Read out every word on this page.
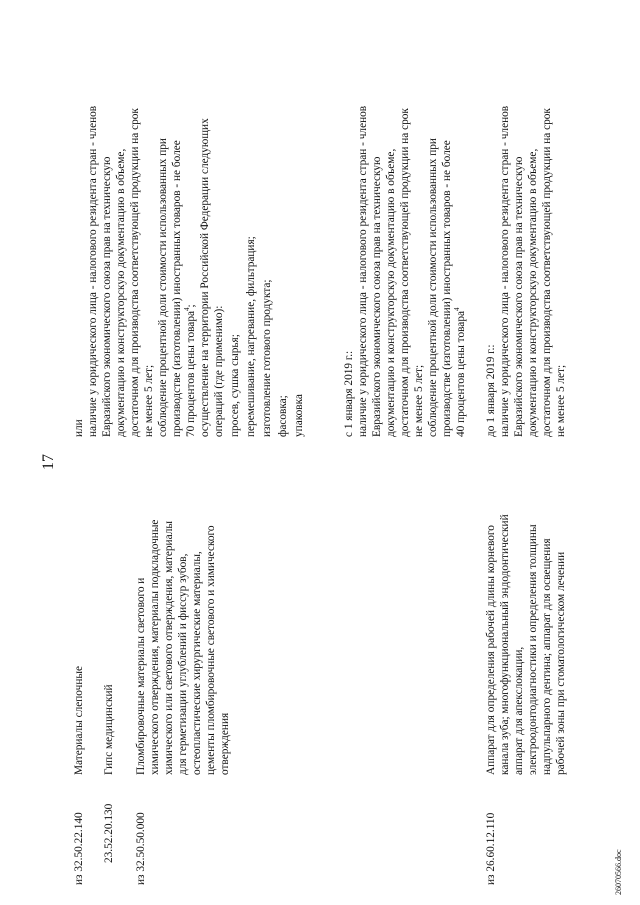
17
из 32.50.22.140
Материалы слепочные
или наличие у юридического лица - налогового резидента стран - членов Евразийского экономического союза прав на техническую документацию и конструкторскую документацию в объеме, достаточном для производства соответствующей продукции на срок не менее 5 лет; соблюдение процентной доли стоимости использованных при производстве (изготовлении) иностранных товаров - не более 70 процентов цены товара$^4$; осуществление на территории Российской Федерации следующих операций (где применимо): просев, сушка сырья; перемешивание, нагревание, фильтрация; изготовление готового продукта; фасовка; упаковка
23.52.20.130
Гипс медицинский
из 32.50.50.000
Пломбировочные материалы светового и химического отверждения, материалы подкладочные химического или светового отверждения, материалы для герметизации углублений и фиссур зубов, остеопластические хирургические материалы, цементы пломбировочные светового и химического отверждения
с 1 января 2019 г.: наличие у юридического лица - налогового резидента стран - членов Евразийского экономического союза прав на техническую документацию и конструкторскую документацию в объеме, достаточном для производства соответствующей продукции на срок не менее 5 лет; соблюдение процентной доли стоимости использованных при производстве (изготовлении) иностранных товаров - не более 40 процентов цены товара$^4$
из 26.60.12.110
Аппарат для определения рабочей длины корневого канала зуба; многофункциональный эндодонтический аппарат для апекслокации, электроодонтодиагностики и определения толщины надпульпарного дентина; аппарат для освещения рабочей зоны при стоматологическом лечении
до 1 января 2019 г.: наличие у юридического лица - налогового резидента стран - членов Евразийского экономического союза прав на техническую документацию и конструкторскую документацию в объеме, достаточном для производства соответствующей продукции на срок не менее 5 лет;
26070566.doc
